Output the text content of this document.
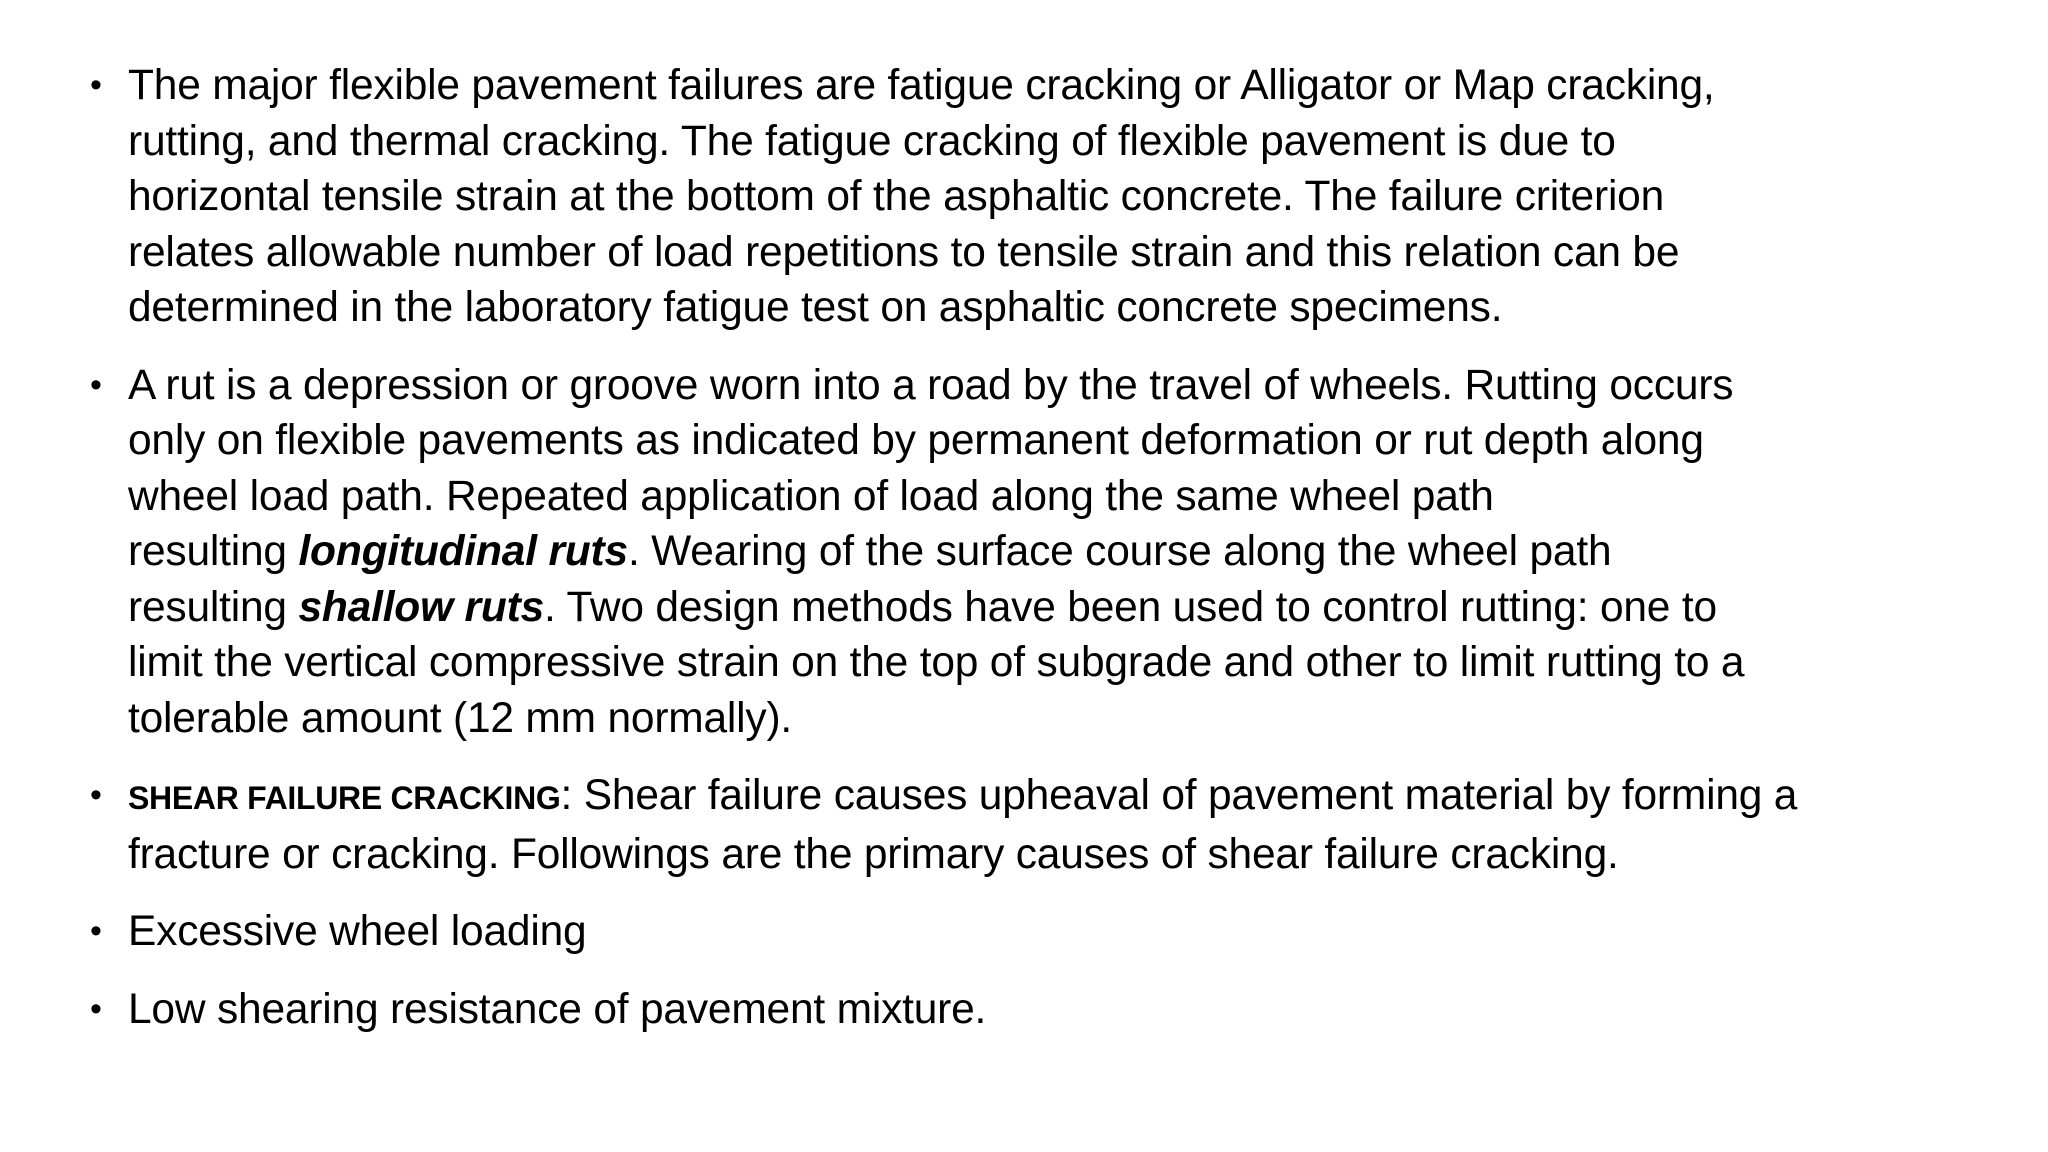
• The major flexible pavement failures are fatigue cracking or Alligator or Map cracking,
rutting, and thermal cracking. The fatigue cracking of flexible pavement is due to
horizontal tensile strain at the bottom of the asphaltic concrete. The failure criterion
relates allowable number of load repetitions to tensile strain and this relation can be
determined in the laboratory fatigue test on asphaltic concrete specimens.
• A rut is a depression or groove worn into a road by the travel of wheels. Rutting occurs
only on flexible pavements as indicated by permanent deformation or rut depth along
wheel load path. Repeated application of load along the same wheel path
resulting longitudinal ruts. Wearing of the surface course along the wheel path
resulting shallow ruts. Two design methods have been used to control rutting: one to
limit the vertical compressive strain on the top of subgrade and other to limit rutting to a
tolerable amount (12 mm normally).
• SHEAR FAILURE CRACKING: Shear failure causes upheaval of pavement material by forming a
fracture or cracking. Followings are the primary causes of shear failure cracking.
• Excessive wheel loading
• Low shearing resistance of pavement mixture.
